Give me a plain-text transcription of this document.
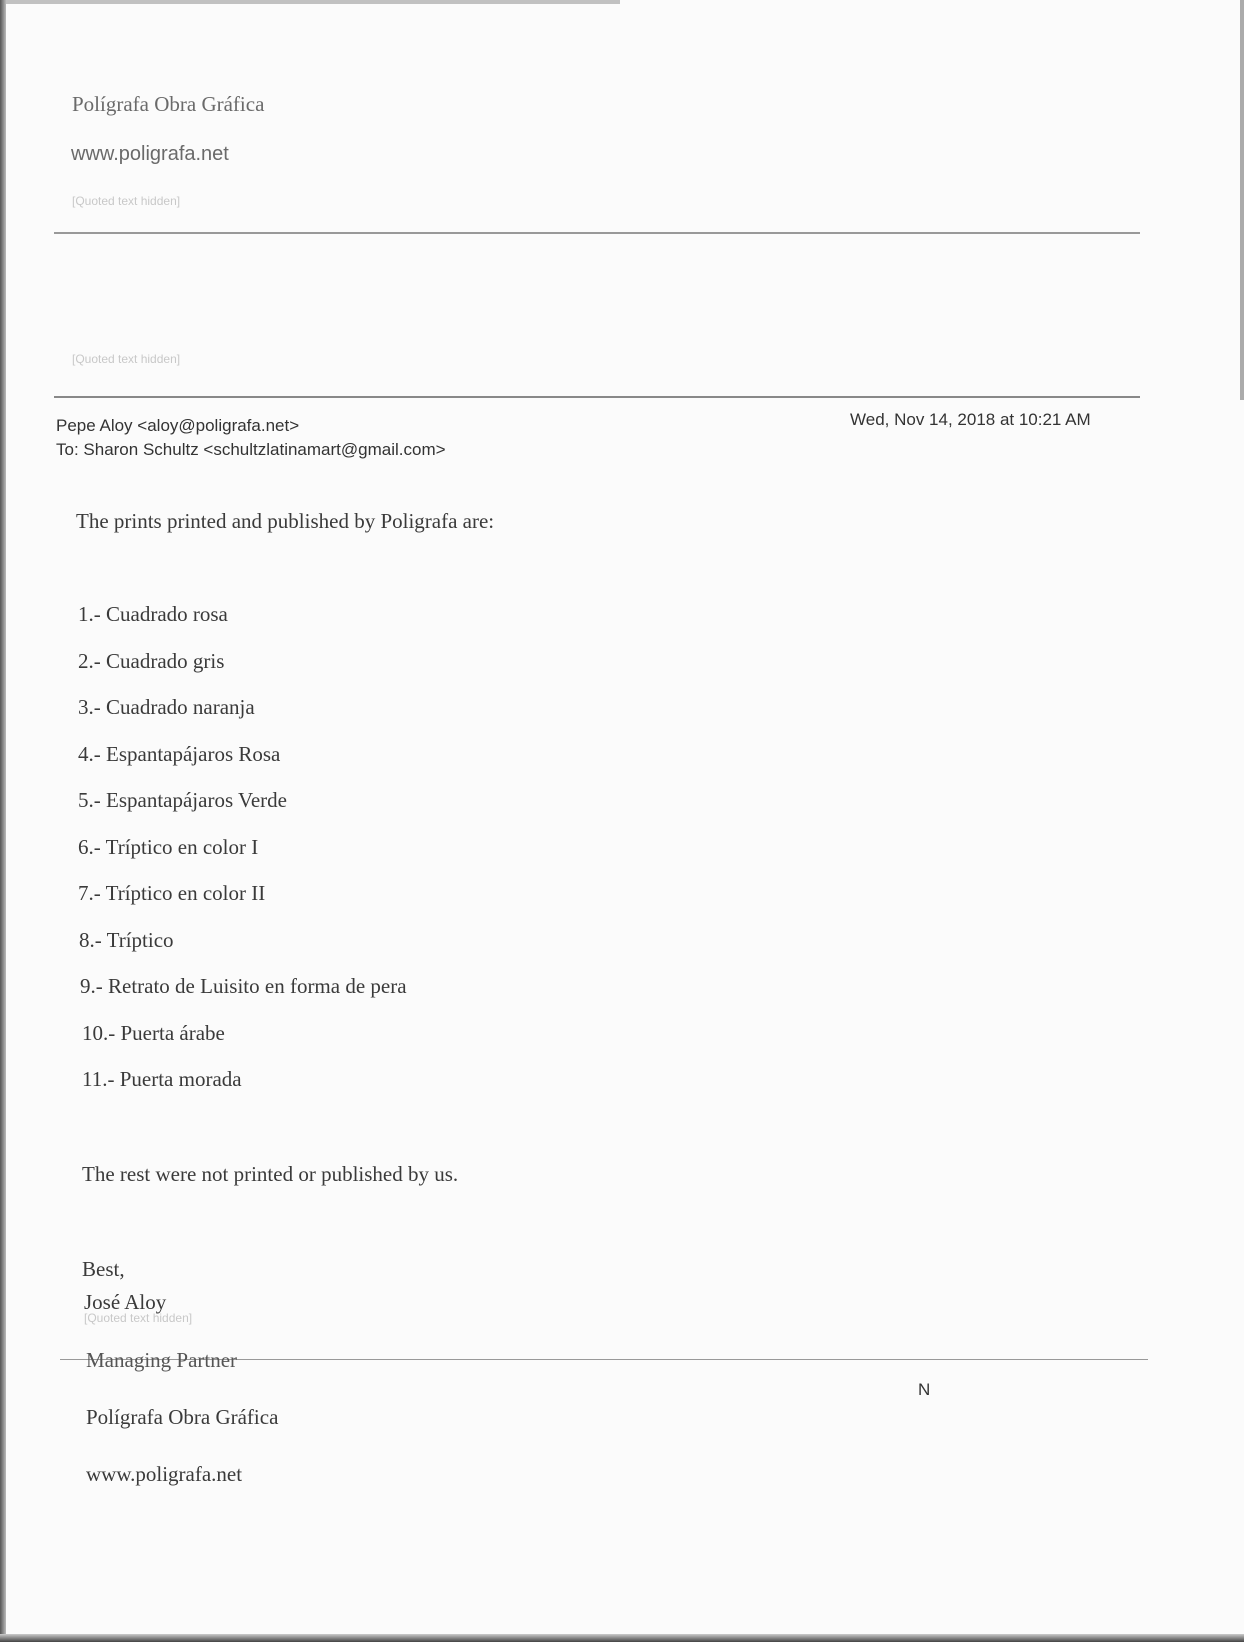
Polígrafa Obra Gráfica
www.poligrafa.net
[Quoted text hidden]
[Quoted text hidden]
Pepe Aloy <aloy@poligrafa.net>
To: Sharon Schultz <schultzlatinamart@gmail.com>
Wed, Nov 14, 2018 at 10:21 AM
The prints printed and published by Poligrafa are:
1.- Cuadrado rosa
2.- Cuadrado gris
3.- Cuadrado naranja
4.- Espantapájaros Rosa
5.- Espantapájaros Verde
6.- Tríptico en color I
7.- Tríptico en color II
8.- Tríptico
9.- Retrato de Luisito en forma de pera
10.- Puerta árabe
11.- Puerta morada
The rest were not printed or published by us.
Best,
José Aloy
[Quoted text hidden]
Managing Partner
N
Polígrafa Obra Gráfica
www.poligrafa.net
